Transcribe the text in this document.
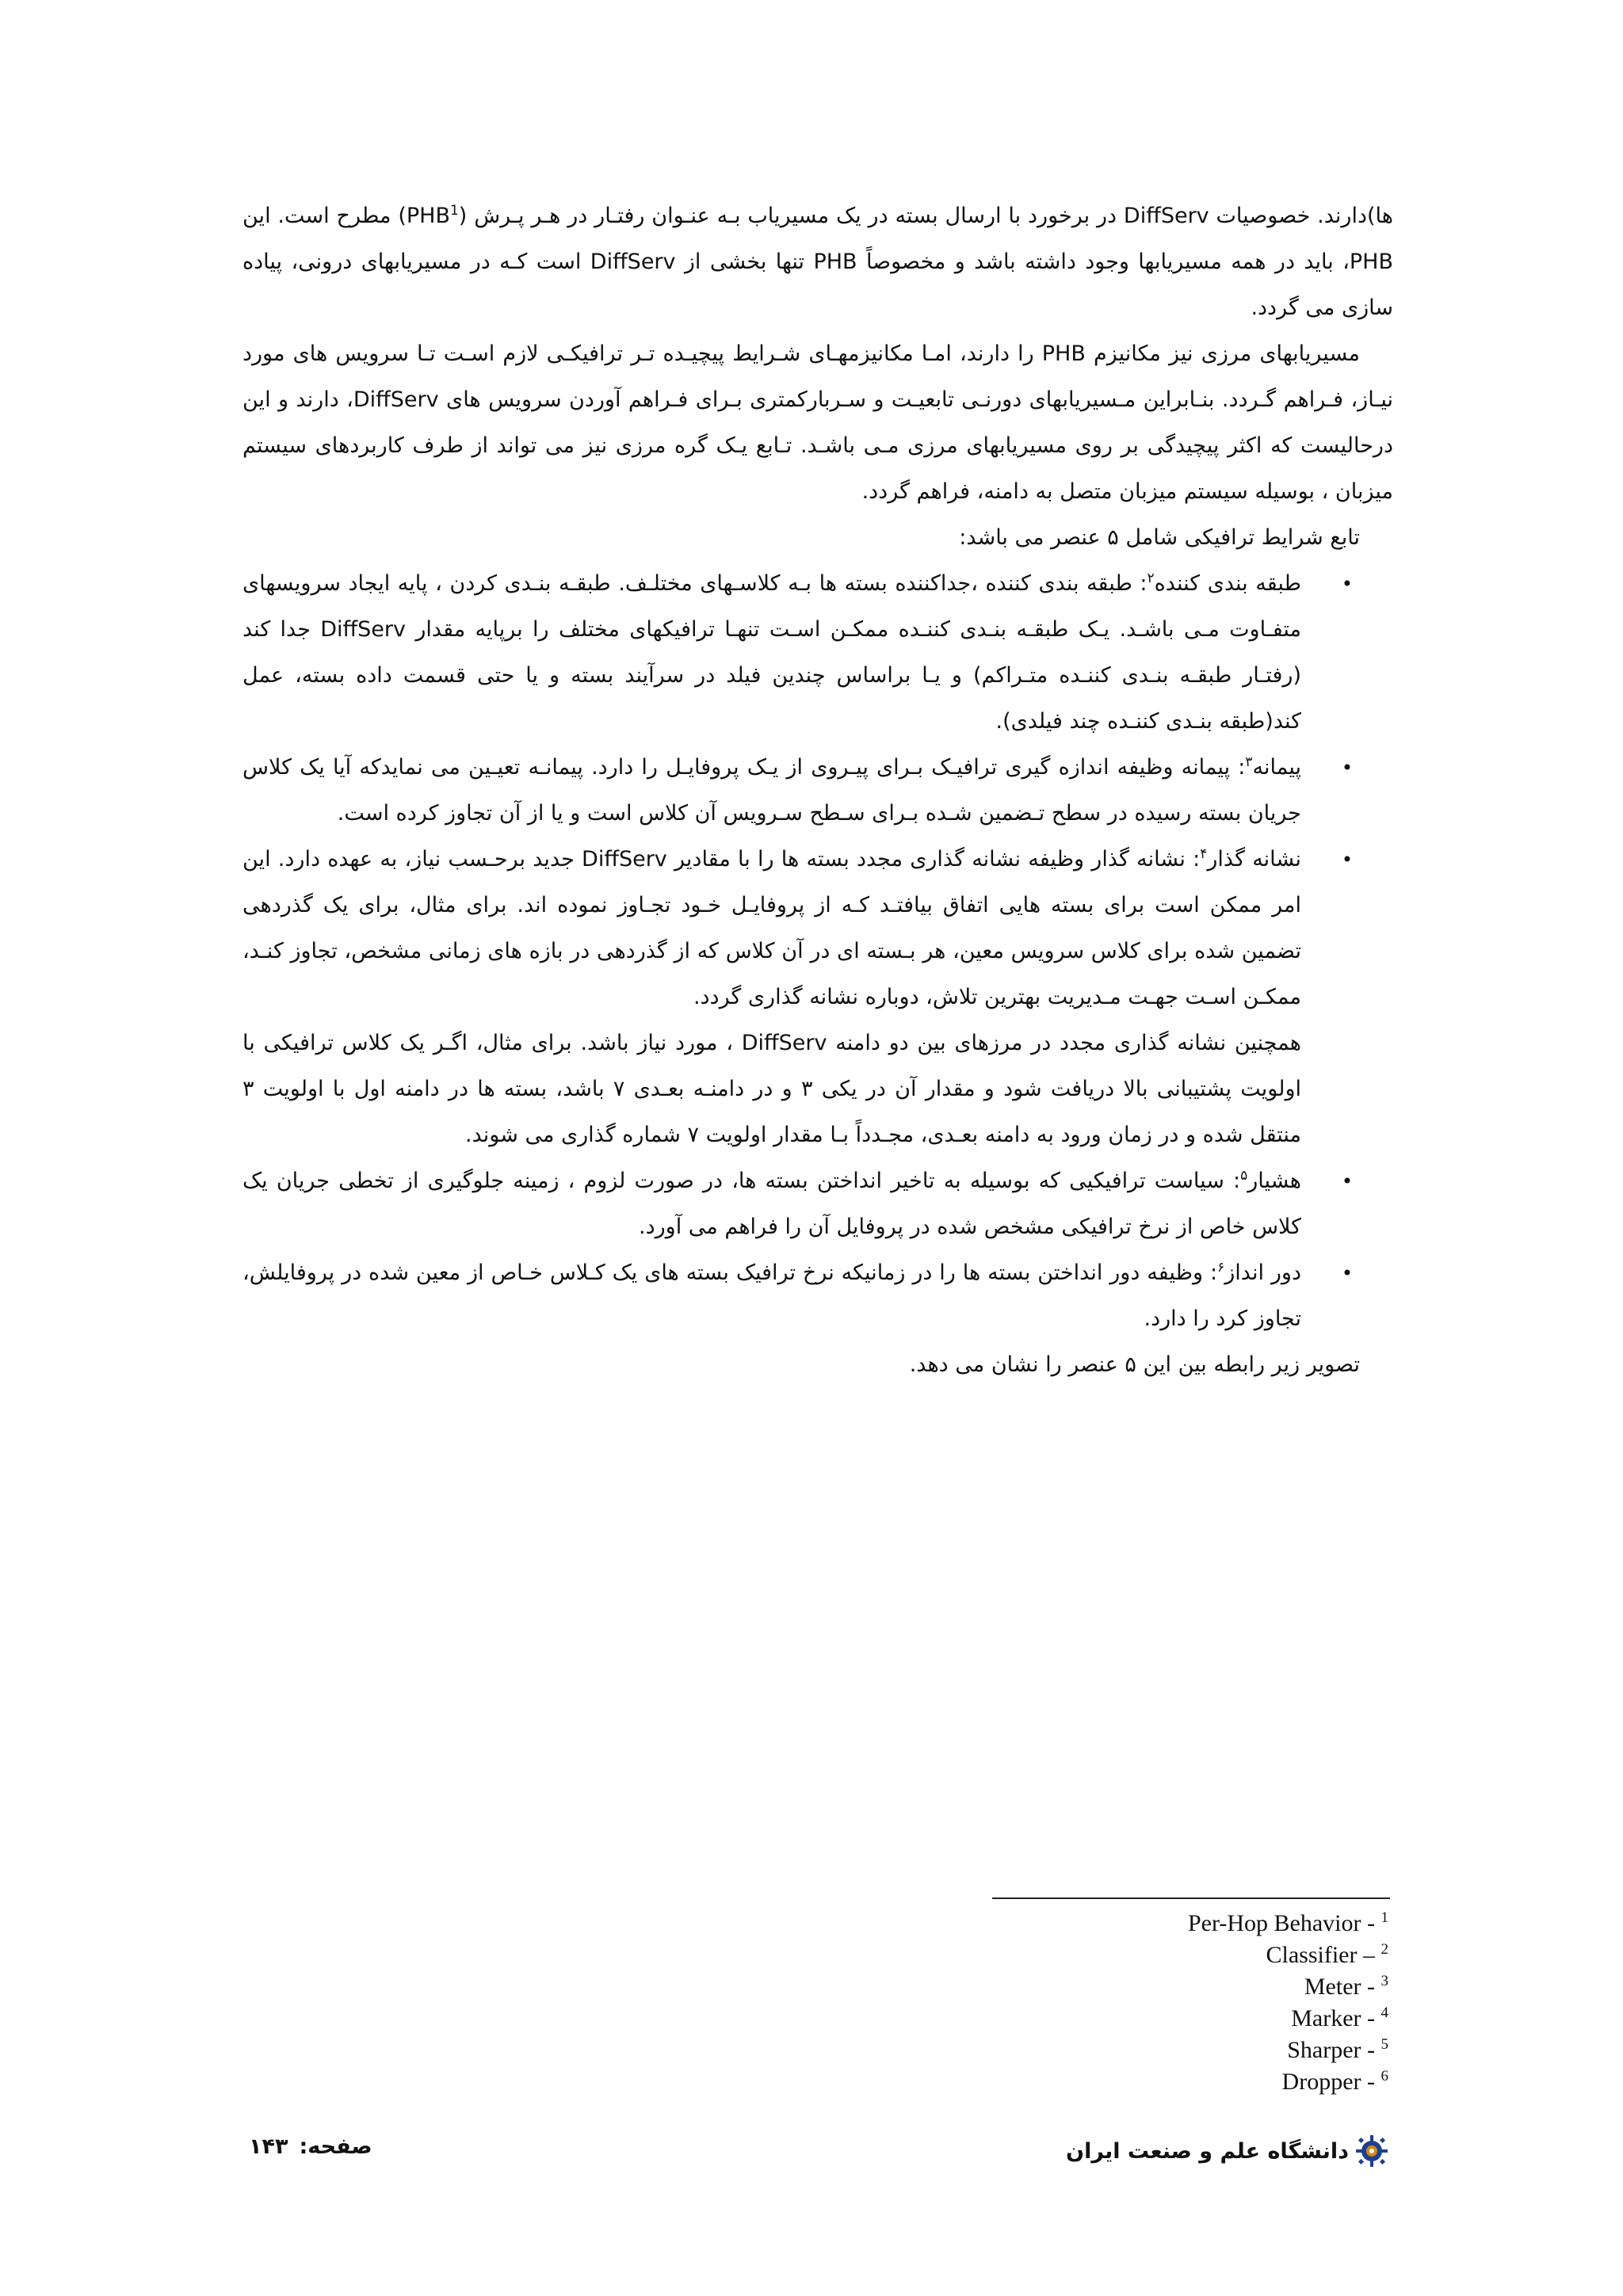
ها)دارند. خصوصیات DiffServ در برخورد با ارسال بسته در یک مسیریاب بـه عنـوان رفتـار در هـر پـرش (PHB$^1$) مطرح است. این PHB، باید در همه مسیریابها وجود داشته باشد و مخصوصاً PHB تنها بخشی از DiffServ است کـه در مسیریابهای درونی، پیاده سازی می گردد.

مسیریابهای مرزی نیز مکانیزم PHB را دارند، امـا مکانیزمهـای شـرایط پیچیـده تـر ترافیکـی لازم اسـت تـا سرویس های مورد نیـاز، فـراهم گـردد. بنـابراین مـسیریابهای دورنـی تابعیـت و سـربارکمتری بـرای فـراهم آوردن سرویس های DiffServ، دارند و این درحالیست که اکثر پیچیدگی بر روی مسیریابهای مرزی مـی باشـد. تـابع یـک گره مرزی نیز می تواند از طرف کاربردهای سیستم میزبان ، بوسیله سیستم میزبان متصل به دامنه، فراهم گردد.

تابع شرایط ترافیکی شامل ۵ عنصر می باشد:

•
طبقه بندی کننده$^۲$: طبقه بندی کننده ،جداکننده بسته ها بـه کلاسـهای مختلـف. طبقـه بنـدی کردن ، پایه ایجاد سرویسهای متفـاوت مـی باشـد. یـک طبقـه بنـدی کننـده ممکـن اسـت تنهـا ترافیکهای مختلف را برپایه مقدار DiffServ جدا کند (رفتـار طبقـه بنـدی کننـده متـراکم) و یـا براساس چندین فیلد در سرآیند بسته و یا حتی قسمت داده بسته، عمل کند(طبقه بنـدی کننـده چند فیلدی).
•
پیمانه$^۳$: پیمانه وظیفه اندازه گیری ترافیـک بـرای پیـروی از یـک پروفایـل را دارد. پیمانـه تعیـین می نمایدکه آیا یک کلاس جریان بسته رسیده در سطح تـضمین شـده بـرای سـطح سـرویس آن کلاس است و یا از آن تجاوز کرده است.
•
نشانه گذار$^۴$: نشانه گذار وظیفه نشانه گذاری مجدد بسته ها را با مقادیر DiffServ جدید برحـسب نیاز، به عهده دارد. این امر ممکن است برای بسته هایی اتفاق بیافتـد کـه از پروفایـل خـود تجـاوز نموده اند. برای مثال، برای یک گذردهی تضمین شده برای کلاس سرویس معین، هر بـسته ای در آن کلاس که از گذردهی در بازه های زمانی مشخص، تجاوز کنـد، ممکـن اسـت جهـت مـدیریت بهترین تلاش، دوباره نشانه گذاری گردد.

همچنین نشانه گذاری مجدد در مرزهای بین دو دامنه DiffServ ، مورد نیاز باشد. برای مثال، اگـر یک کلاس ترافیکی با اولویت پشتیبانی بالا دریافت شود و مقدار آن در یکی ۳ و در دامنـه بعـدی ۷ باشد، بسته ها در دامنه اول با اولویت ۳ منتقل شده و در زمان ورود به دامنه بعـدی، مجـدداً بـا مقدار اولویت ۷ شماره گذاری می شوند.

•
هشیار$^۵$: سیاست ترافیکیی که بوسیله به تاخیر انداختن بسته ها، در صورت لزوم ، زمینه جلوگیری از تخطی جریان یک کلاس خاص از نرخ ترافیکی مشخص شده در پروفایل آن را فراهم می آورد.
•
دور انداز$^۶$: وظیفه دور انداختن بسته ها را در زمانیکه نرخ ترافیک بسته های یک کـلاس خـاص از معین شده در پروفایلش، تجاوز کرد را دارد.

تصویر زیر رابطه بین این ۵ عنصر را نشان می دهد.

Per-Hop Behavior - $^1$
Classifier – $^2$
Meter - $^3$
Marker - $^4$
Sharper - $^5$
Dropper - $^6$
دانشگاه علم و صنعت ایران
صفحه:
۱۴۳
